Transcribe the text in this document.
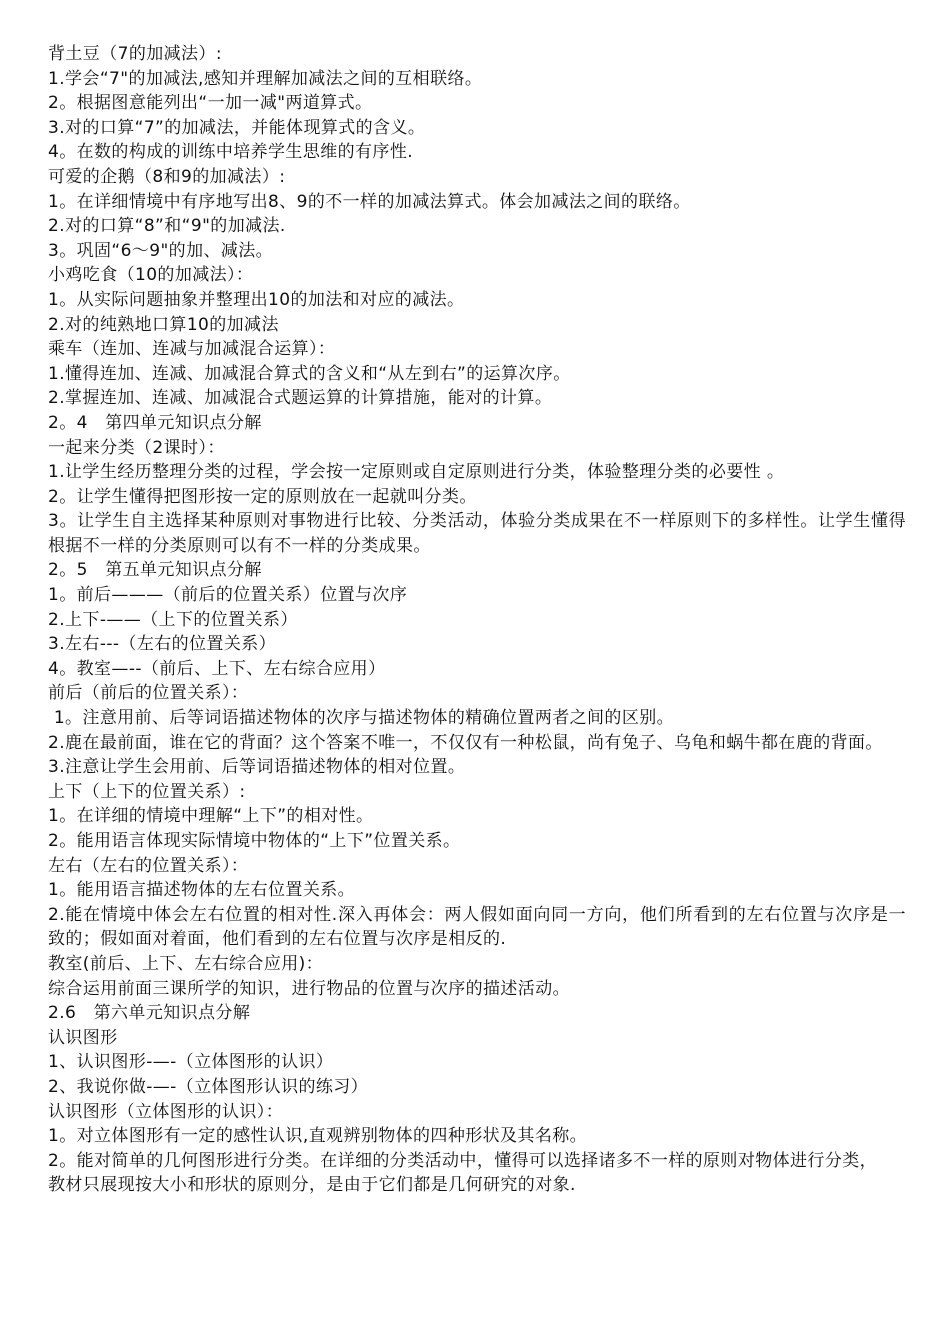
背土豆（7的加减法）:

1.学会“7"的加减法,感知并理解加减法之间的互相联络。

2。根据图意能列出“一加一减"两道算式。

3.对的口算“7”的加减法，并能体现算式的含义。

4。在数的构成的训练中培养学生思维的有序性.

可爱的企鹅（8和9的加减法）:

1。在详细情境中有序地写出8、9的不一样的加减法算式。体会加减法之间的联络。

2.对的口算“8”和“9"的加减法.

3。巩固“6～9"的加、减法。

小鸡吃食（10的加减法）：

1。从实际问题抽象并整理出10的加法和对应的减法。

2.对的纯熟地口算10的加减法

乘车（连加、连减与加减混合运算）：

1.懂得连加、连减、加减混合算式的含义和“从左到右”的运算次序。

2.掌握连加、连减、加减混合式题运算的计算措施，能对的计算。

2。4　第四单元知识点分解

一起来分类（2课时）：

1.让学生经历整理分类的过程，学会按一定原则或自定原则进行分类，体验整理分类的必要性 。

2。让学生懂得把图形按一定的原则放在一起就叫分类。

3。让学生自主选择某种原则对事物进行比较、分类活动，体验分类成果在不一样原则下的多样性。让学生懂得根据不一样的分类原则可以有不一样的分类成果。

2。5　第五单元知识点分解

1。前后———（前后的位置关系）位置与次序

2.上下-——（上下的位置关系）

3.左右---（左右的位置关系）

4。教室—--（前后、上下、左右综合应用）

前后（前后的位置关系）：

1。注意用前、后等词语描述物体的次序与描述物体的精确位置两者之间的区别。

2.鹿在最前面，谁在它的背面？这个答案不唯一，不仅仅有一种松鼠，尚有兔子、乌龟和蜗牛都在鹿的背面。

3.注意让学生会用前、后等词语描述物体的相对位置。

上下（上下的位置关系）:

1。在详细的情境中理解“上下”的相对性。

2。能用语言体现实际情境中物体的“上下”位置关系。

左右（左右的位置关系）：

1。能用语言描述物体的左右位置关系。

2.能在情境中体会左右位置的相对性.深入再体会：两人假如面向同一方向，他们所看到的左右位置与次序是一致的；假如面对着面，他们看到的左右位置与次序是相反的.

教室(前后、上下、左右综合应用)：

综合运用前面三课所学的知识，进行物品的位置与次序的描述活动。

2.6　第六单元知识点分解

认识图形

1、认识图形-—-（立体图形的认识）

2、我说你做-—-（立体图形认识的练习）

认识图形（立体图形的认识）：

1。对立体图形有一定的感性认识,直观辨别物体的四种形状及其名称。

2。能对简单的几何图形进行分类。在详细的分类活动中，懂得可以选择诸多不一样的原则对物体进行分类，

教材只展现按大小和形状的原则分，是由于它们都是几何研究的对象.
